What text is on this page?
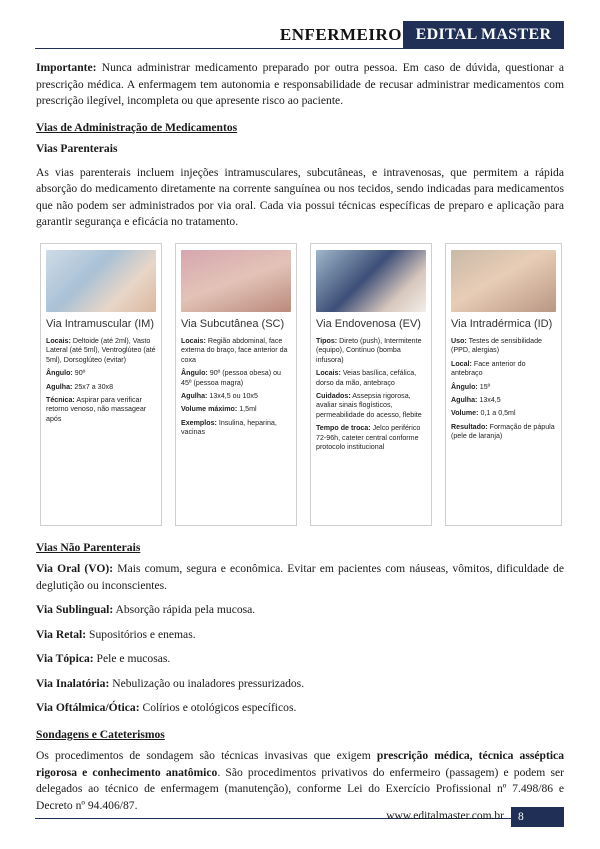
ENFERMEIRO EDITAL MASTER

Importante: Nunca administrar medicamento preparado por outra pessoa. Em caso de dúvida, questionar a prescrição médica. A enfermagem tem autonomia e responsabilidade de recusar administrar medicamentos com prescrição ilegível, incompleta ou que apresente risco ao paciente.

Vias de Administração de Medicamentos
Vias Parenterais

As vias parenterais incluem injeções intramusculares, subcutâneas, e intravenosas, que permitem a rápida absorção do medicamento diretamente na corrente sanguínea ou nos tecidos, sendo indicadas para medicamentos que não podem ser administrados por via oral. Cada via possui técnicas específicas de preparo e aplicação para garantir segurança e eficácia no tratamento.

Via Intramuscular (IM)
Locais: Deltoide (até 2ml), Vasto Lateral (até 5ml), Ventroglúteo (até 5ml), Dorsoglúteo (evitar)
Ângulo: 90º
Agulha: 25x7 a 30x8
Técnica: Aspirar para verificar retorno venoso, não massagear após
Via Subcutânea (SC)
Locais: Região abdominal, face externa do braço, face anterior da coxa
Ângulo: 90º (pessoa obesa) ou 45º (pessoa magra)
Agulha: 13x4,5 ou 10x5
Volume máximo: 1,5ml
Exemplos: Insulina, heparina, vacinas
Via Endovenosa (EV)
Tipos: Direto (push), Intermitente (equipo), Contínuo (bomba infusora)
Locais: Veias basílica, cefálica, dorso da mão, antebraço
Cuidados: Assepsia rigorosa, avaliar sinais flogísticos, permeabilidade do acesso, flebite
Tempo de troca: Jelco periférico 72-96h, cateter central conforme protocolo institucional
Via Intradérmica (ID)
Uso: Testes de sensibilidade (PPD, alergias)
Local: Face anterior do antebraço
Ângulo: 15º
Agulha: 13x4,5
Volume: 0,1 a 0,5ml
Resultado: Formação de pápula (pele de laranja)
Vias Não Parenterais

Via Oral (VO): Mais comum, segura e econômica. Evitar em pacientes com náuseas, vômitos, dificuldade de deglutição ou inconscientes.

Via Sublingual: Absorção rápida pela mucosa.

Via Retal: Supositórios e enemas.

Via Tópica: Pele e mucosas.

Via Inalatória: Nebulização ou inaladores pressurizados.

Via Oftálmica/Ótica: Colírios e otológicos específicos.

Sondagens e Cateterismos

Os procedimentos de sondagem são técnicas invasivas que exigem prescrição médica, técnica asséptica rigorosa e conhecimento anatômico. São procedimentos privativos do enfermeiro (passagem) e podem ser delegados ao técnico de enfermagem (manutenção), conforme Lei do Exercício Profissional nº 7.498/86 e Decreto nº 94.406/87.

www.editalmaster.com.br	8
